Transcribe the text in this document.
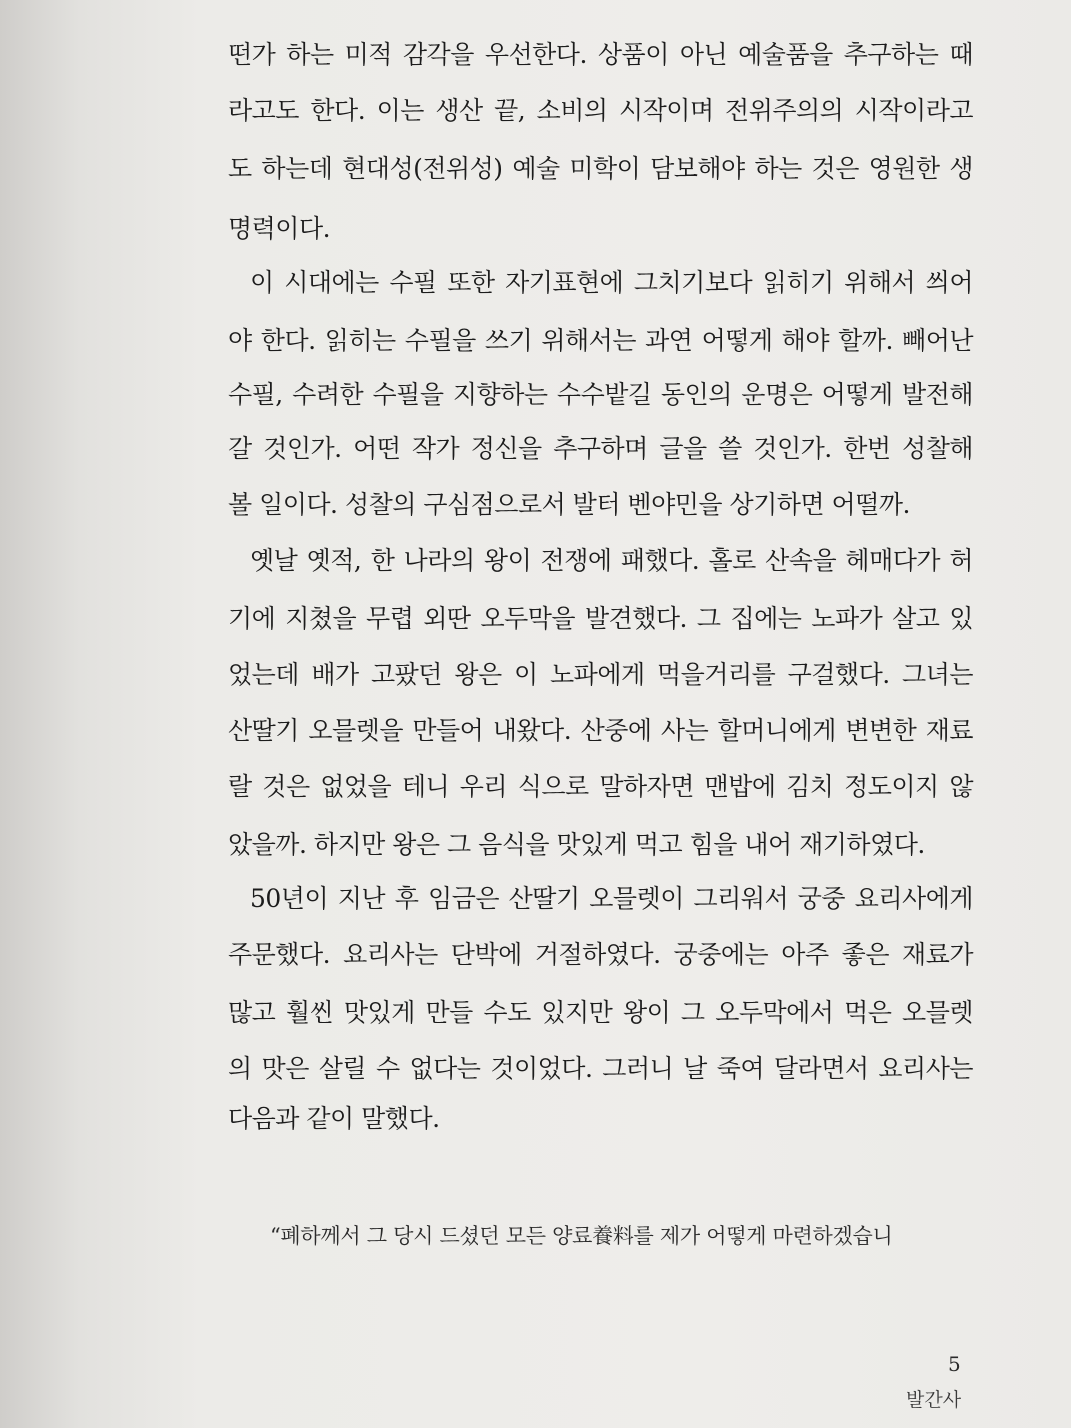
떤가 하는 미적 감각을 우선한다. 상품이 아닌 예술품을 추구하는 때
라고도 한다. 이는 생산 끝, 소비의 시작이며 전위주의의 시작이라고
도 하는데 현대성(전위성) 예술 미학이 담보해야 하는 것은 영원한 생
명력이다.
이 시대에는 수필 또한 자기표현에 그치기보다 읽히기 위해서 씌어
야 한다. 읽히는 수필을 쓰기 위해서는 과연 어떻게 해야 할까. 빼어난
수필, 수려한 수필을 지향하는 수수밭길 동인의 운명은 어떻게 발전해
갈 것인가. 어떤 작가 정신을 추구하며 글을 쓸 것인가. 한번 성찰해
볼 일이다. 성찰의 구심점으로서 발터 벤야민을 상기하면 어떨까.
옛날 옛적, 한 나라의 왕이 전쟁에 패했다. 홀로 산속을 헤매다가 허
기에 지쳤을 무렵 외딴 오두막을 발견했다. 그 집에는 노파가 살고 있
었는데 배가 고팠던 왕은 이 노파에게 먹을거리를 구걸했다. 그녀는
산딸기 오믈렛을 만들어 내왔다. 산중에 사는 할머니에게 변변한 재료
랄 것은 없었을 테니 우리 식으로 말하자면 맨밥에 김치 정도이지 않
았을까. 하지만 왕은 그 음식을 맛있게 먹고 힘을 내어 재기하였다.
50년이 지난 후 임금은 산딸기 오믈렛이 그리워서 궁중 요리사에게
주문했다. 요리사는 단박에 거절하였다. 궁중에는 아주 좋은 재료가
많고 훨씬 맛있게 만들 수도 있지만 왕이 그 오두막에서 먹은 오믈렛
의 맛은 살릴 수 없다는 것이었다. 그러니 날 죽여 달라면서 요리사는
다음과 같이 말했다.
“폐하께서 그 당시 드셨던 모든 양료養料를 제가 어떻게 마련하겠습니
5
발간사
